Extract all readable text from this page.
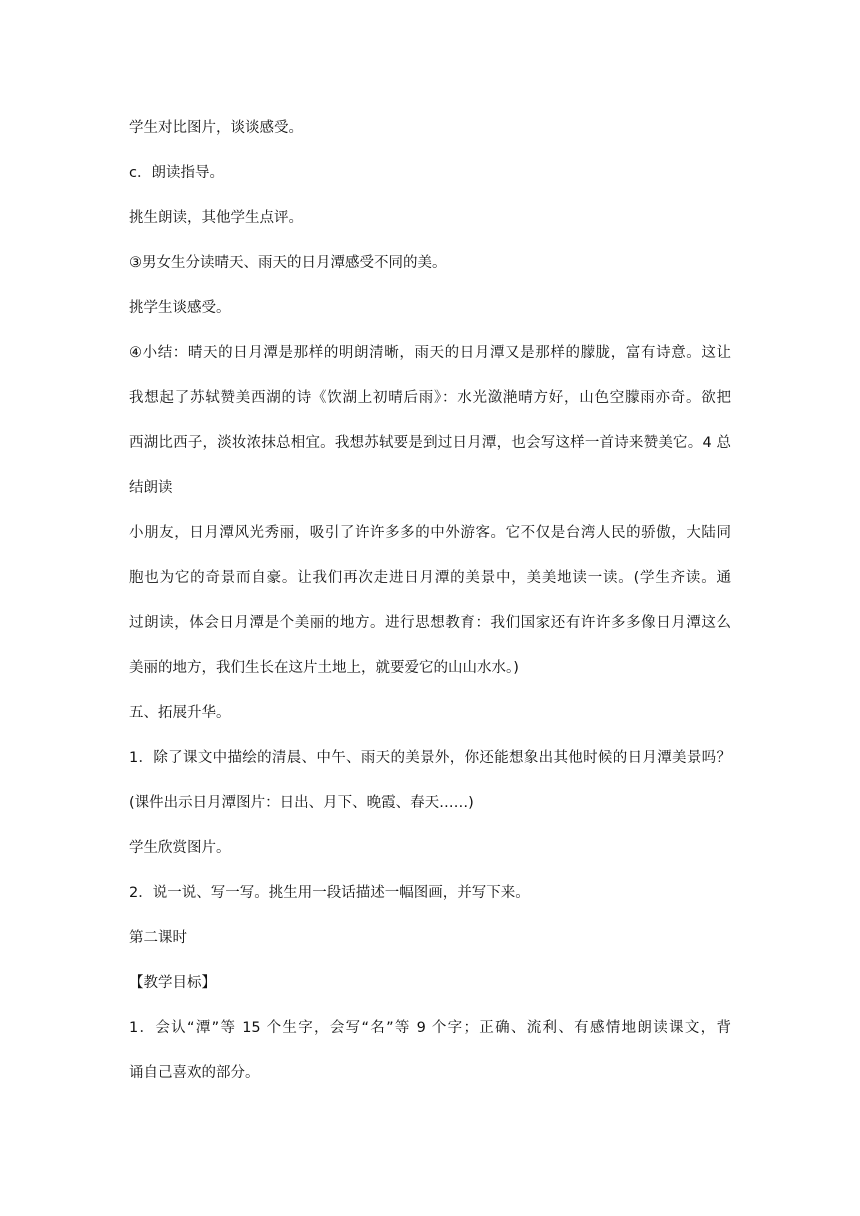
学生对比图片，谈谈感受。
c．朗读指导。
挑生朗读，其他学生点评。
③男女生分读晴天、雨天的日月潭感受不同的美。
挑学生谈感受。
④小结：晴天的日月潭是那样的明朗清晰，雨天的日月潭又是那样的朦胧，富有诗意。这让
我想起了苏轼赞美西湖的诗《饮湖上初晴后雨》：水光潋滟晴方好，山色空朦雨亦奇。欲把
西湖比西子，淡妆浓抹总相宜。我想苏轼要是到过日月潭，也会写这样一首诗来赞美它。4 总
结朗读
小朋友，日月潭风光秀丽，吸引了许许多多的中外游客。它不仅是台湾人民的骄傲，大陆同
胞也为它的奇景而自豪。让我们再次走进日月潭的美景中，美美地读一读。(学生齐读。通
过朗读，体会日月潭是个美丽的地方。进行思想教育：我们国家还有许许多多像日月潭这么
美丽的地方，我们生长在这片土地上，就要爱它的山山水水。)
五、拓展升华。
1．除了课文中描绘的清晨、中午、雨天的美景外，你还能想象出其他时候的日月潭美景吗？
(课件出示日月潭图片：日出、月下、晚霞、春天……)
学生欣赏图片。
2．说一说、写一写。挑生用一段话描述一幅图画，并写下来。
第二课时
【教学目标】
1．会认“潭”等 15 个生字，会写“名”等 9 个字；正确、流利、有感情地朗读课文，背
诵自己喜欢的部分。
